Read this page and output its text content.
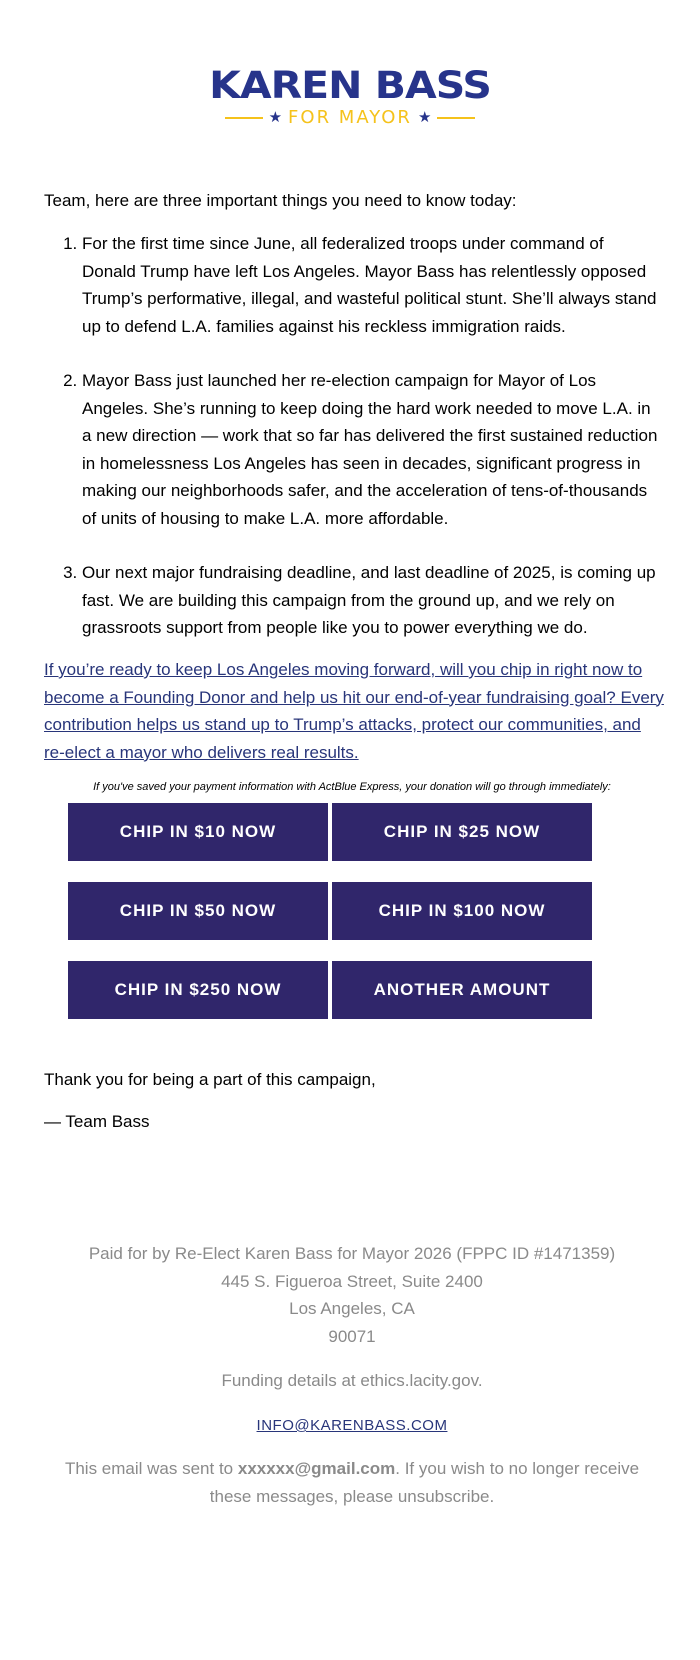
KAREN BASS
★ FOR MAYOR ★
Team, here are three important things you need to know today:
1. For the first time since June, all federalized troops under command of Donald Trump have left Los Angeles. Mayor Bass has relentlessly opposed Trump’s performative, illegal, and wasteful political stunt. She’ll always stand up to defend L.A. families against his reckless immigration raids.
2. Mayor Bass just launched her re-election campaign for Mayor of Los Angeles. She’s running to keep doing the hard work needed to move L.A. in a new direction — work that so far has delivered the first sustained reduction in homelessness Los Angeles has seen in decades, significant progress in making our neighborhoods safer, and the acceleration of tens-of-thousands of units of housing to make L.A. more affordable.
3. Our next major fundraising deadline, and last deadline of 2025, is coming up fast. We are building this campaign from the ground up, and we rely on grassroots support from people like you to power everything we do.
If you’re ready to keep Los Angeles moving forward, will you chip in right now to become a Founding Donor and help us hit our end-of-year fundraising goal? Every contribution helps us stand up to Trump’s attacks, protect our communities, and re-elect a mayor who delivers real results.
If you've saved your payment information with ActBlue Express, your donation will go through immediately:
CHIP IN $10 NOW	CHIP IN $25 NOW
CHIP IN $50 NOW	CHIP IN $100 NOW
CHIP IN $250 NOW	ANOTHER AMOUNT
Thank you for being a part of this campaign,
— Team Bass
Paid for by Re-Elect Karen Bass for Mayor 2026 (FPPC ID #1471359)
445 S. Figueroa Street, Suite 2400
Los Angeles, CA
90071
Funding details at ethics.lacity.gov.
INFO@KARENBASS.COM
This email was sent to xxxxxx@gmail.com. If you wish to no longer receive these messages, please unsubscribe.
